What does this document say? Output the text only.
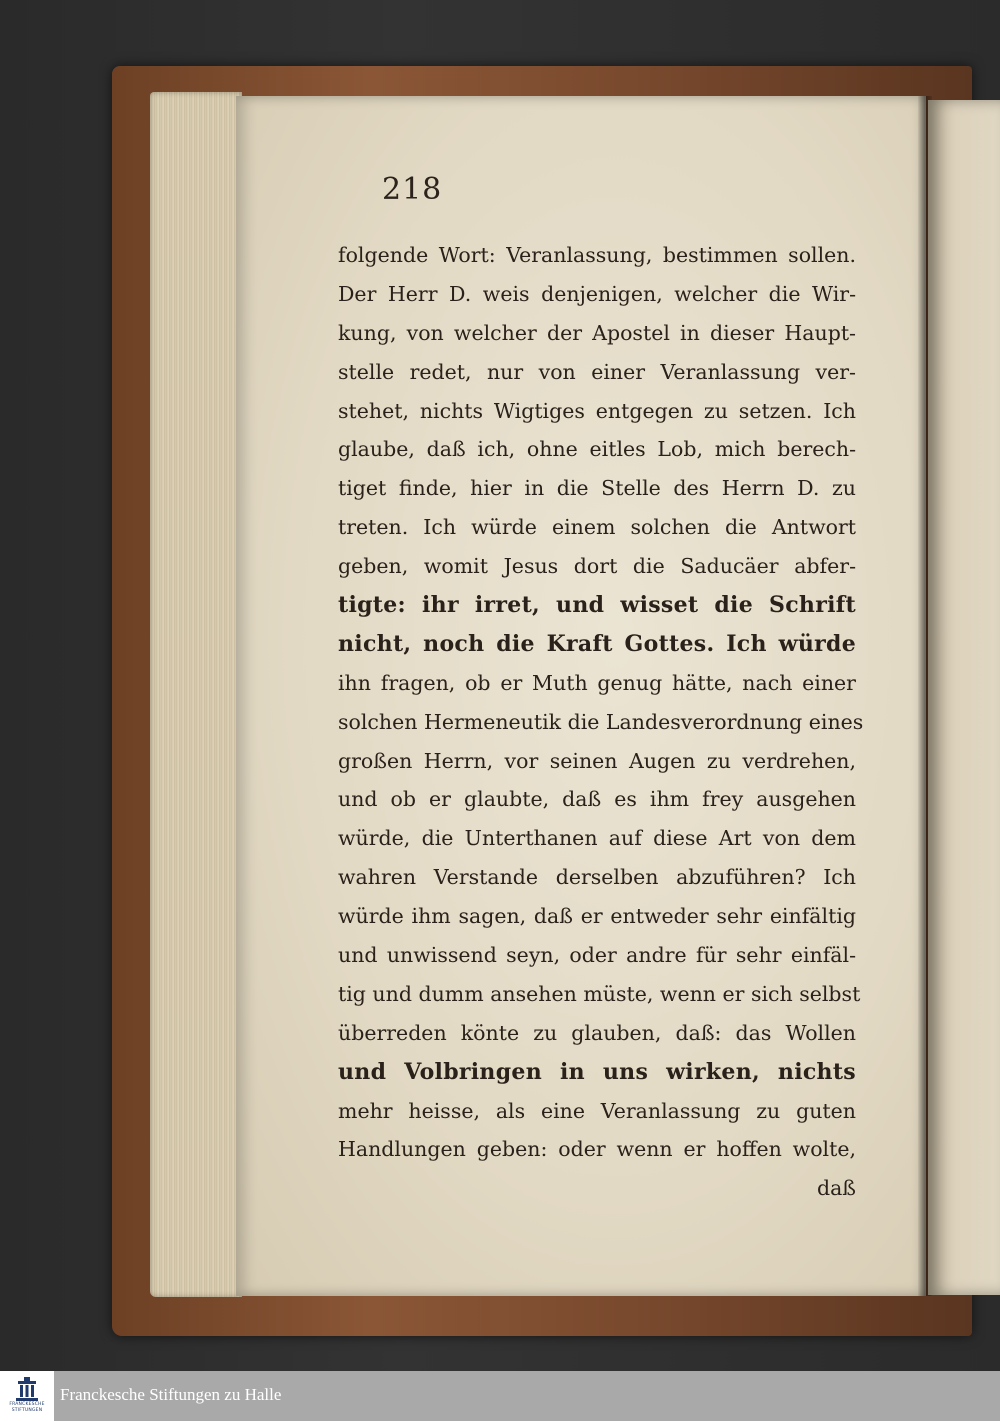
218
folgende Wort: Veranlassung, bestimmen sollen.
Der Herr D. weis denjenigen, welcher die Wir-
kung, von welcher der Apostel in dieser Haupt-
stelle redet, nur von einer Veranlassung ver-
stehet, nichts Wigtiges entgegen zu setzen. Ich
glaube, daß ich, ohne eitles Lob, mich berech-
tiget finde, hier in die Stelle des Herrn D. zu
treten. Ich würde einem solchen die Antwort
geben, womit Jesus dort die Saducäer abfer-
tigte: ihr irret, und wisset die Schrift
nicht, noch die Kraft Gottes. Ich würde
ihn fragen, ob er Muth genug hätte, nach einer
solchen Hermeneutik die Landesverordnung eines
großen Herrn, vor seinen Augen zu verdrehen,
und ob er glaubte, daß es ihm frey ausgehen
würde, die Unterthanen auf diese Art von dem
wahren Verstande derselben abzuführen? Ich
würde ihm sagen, daß er entweder sehr einfältig
und unwissend seyn, oder andre für sehr einfäl-
tig und dumm ansehen müste, wenn er sich selbst
überreden könte zu glauben, daß: das Wollen
und Volbringen in uns wirken, nichts
mehr heisse, als eine Veranlassung zu guten
Handlungen geben: oder wenn er hoffen wolte,
daß
FRANCKESCHE
STIFTUNGEN
Franckesche Stiftungen zu Halle
